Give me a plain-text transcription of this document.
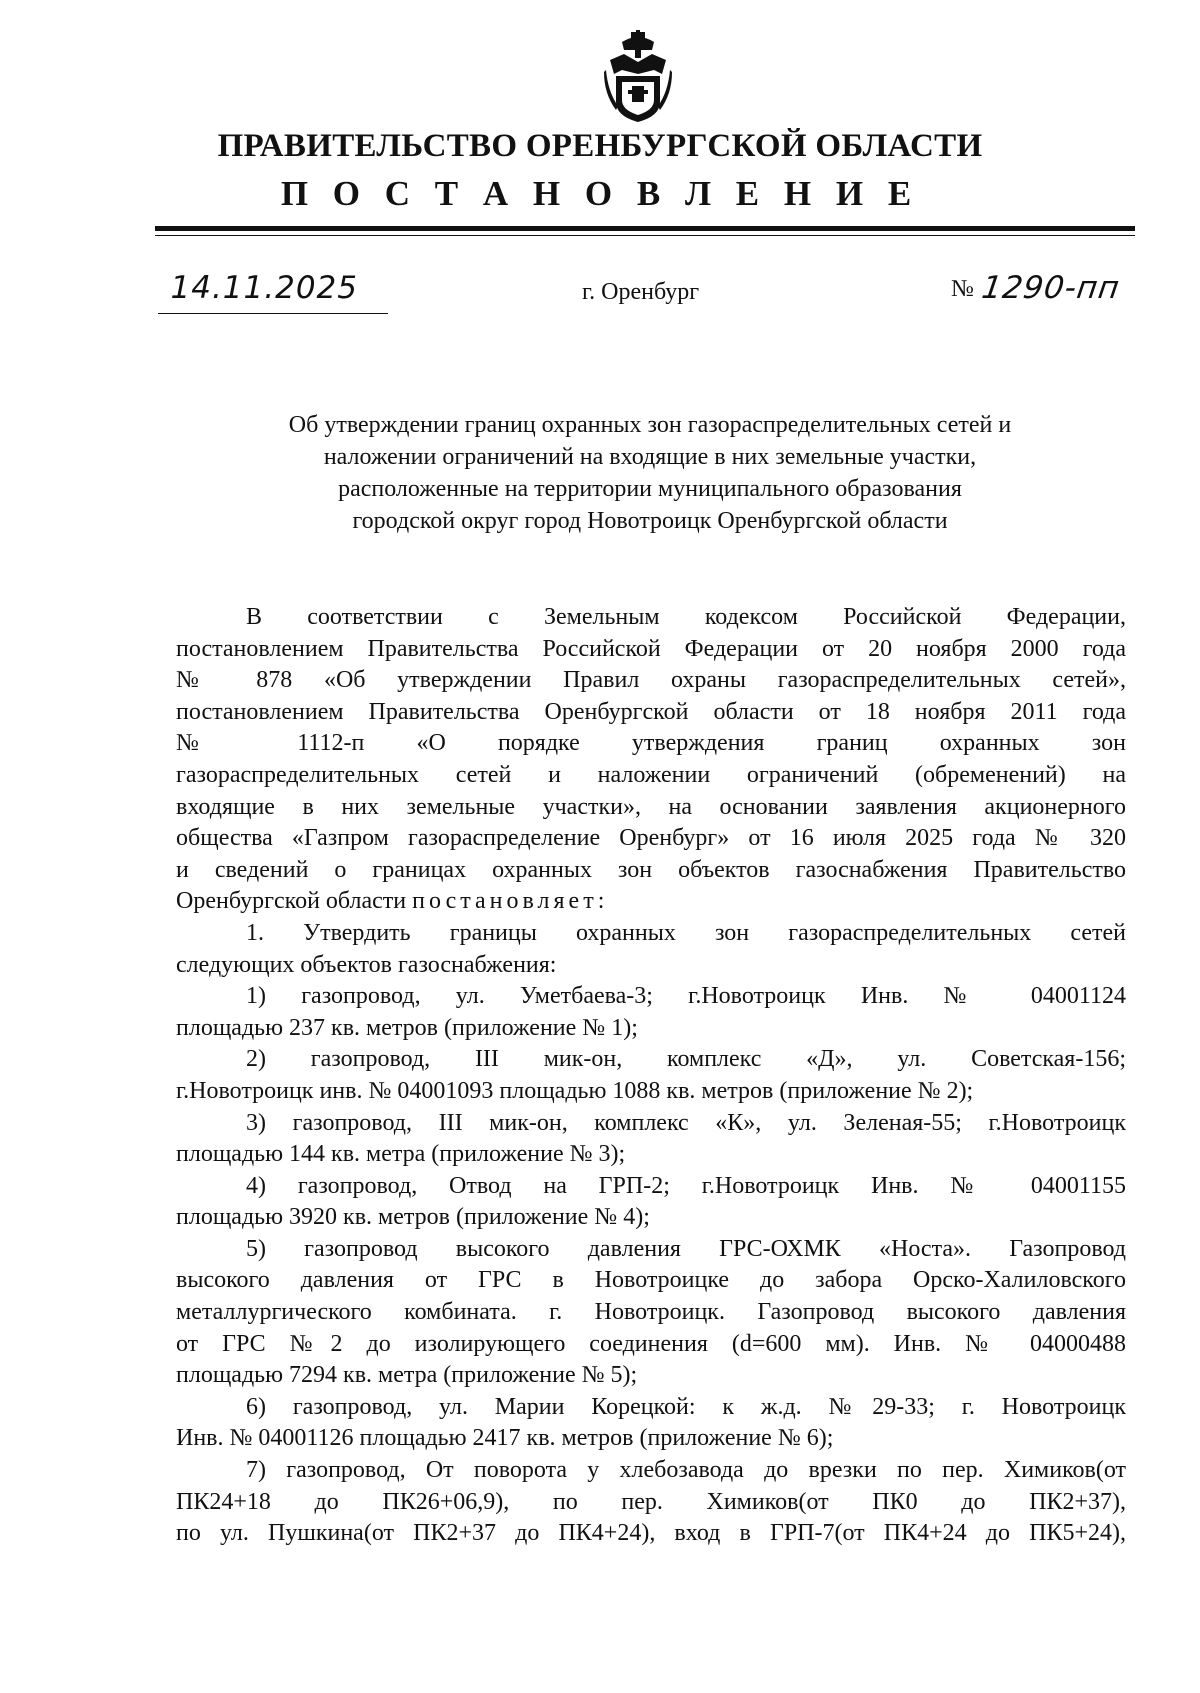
ПРАВИТЕЛЬСТВО ОРЕНБУРГСКОЙ ОБЛАСТИ
П О С Т А Н О В Л Е Н И Е
14.11.2025	г. Оренбург	№ 1290-пп
Об утверждении границ охранных зон газораспределительных сетей и
наложении ограничений на входящие в них земельные участки,
расположенные на территории муниципального образования
городской округ город Новотроицк Оренбургской области

В соответствии с Земельным кодексом Российской Федерации,

постановлением Правительства Российской Федерации от 20 ноября 2000 года

№ 878 «Об утверждении Правил охраны газораспределительных сетей»,

постановлением Правительства Оренбургской области от 18 ноября 2011 года

№ 1112-п «О порядке утверждения границ охранных зон

газораспределительных сетей и наложении ограничений (обременений) на

входящие в них земельные участки», на основании заявления акционерного

общества «Газпром газораспределение Оренбург» от 16 июля 2025 года № 320

и сведений о границах охранных зон объектов газоснабжения Правительство

Оренбургской области постановляет:

1. Утвердить границы охранных зон газораспределительных сетей

следующих объектов газоснабжения:

1) газопровод, ул. Уметбаева-3; г.Новотроицк Инв. № 04001124

площадью 237 кв. метров (приложение № 1);

2) газопровод, III мик-он, комплекс «Д», ул. Советская-156;

г.Новотроицк инв. № 04001093 площадью 1088 кв. метров (приложение № 2);

3) газопровод, III мик-он, комплекс «К», ул. Зеленая-55; г.Новотроицк

площадью 144 кв. метра (приложение № 3);

4) газопровод, Отвод на ГРП-2; г.Новотроицк Инв. № 04001155

площадью 3920 кв. метров (приложение № 4);

5) газопровод высокого давления ГРС-ОХМК «Носта». Газопровод

высокого давления от ГРС в Новотроицке до забора Орско-Халиловского

металлургического комбината. г. Новотроицк. Газопровод высокого давления

от ГРС №2 до изолирующего соединения (d=600 мм). Инв. № 04000488

площадью 7294 кв. метра (приложение № 5);

6) газопровод, ул. Марии Корецкой: к ж.д. №29-33; г. Новотроицк

Инв. № 04001126 площадью 2417 кв. метров (приложение № 6);

7) газопровод, От поворота у хлебозавода до врезки по пер. Химиков(от

ПК24+18 до ПК26+06,9), по пер. Химиков(от ПК0 до ПК2+37),

по ул. Пушкина(от ПК2+37 до ПК4+24), вход в ГРП-7(от ПК4+24 до ПК5+24),
